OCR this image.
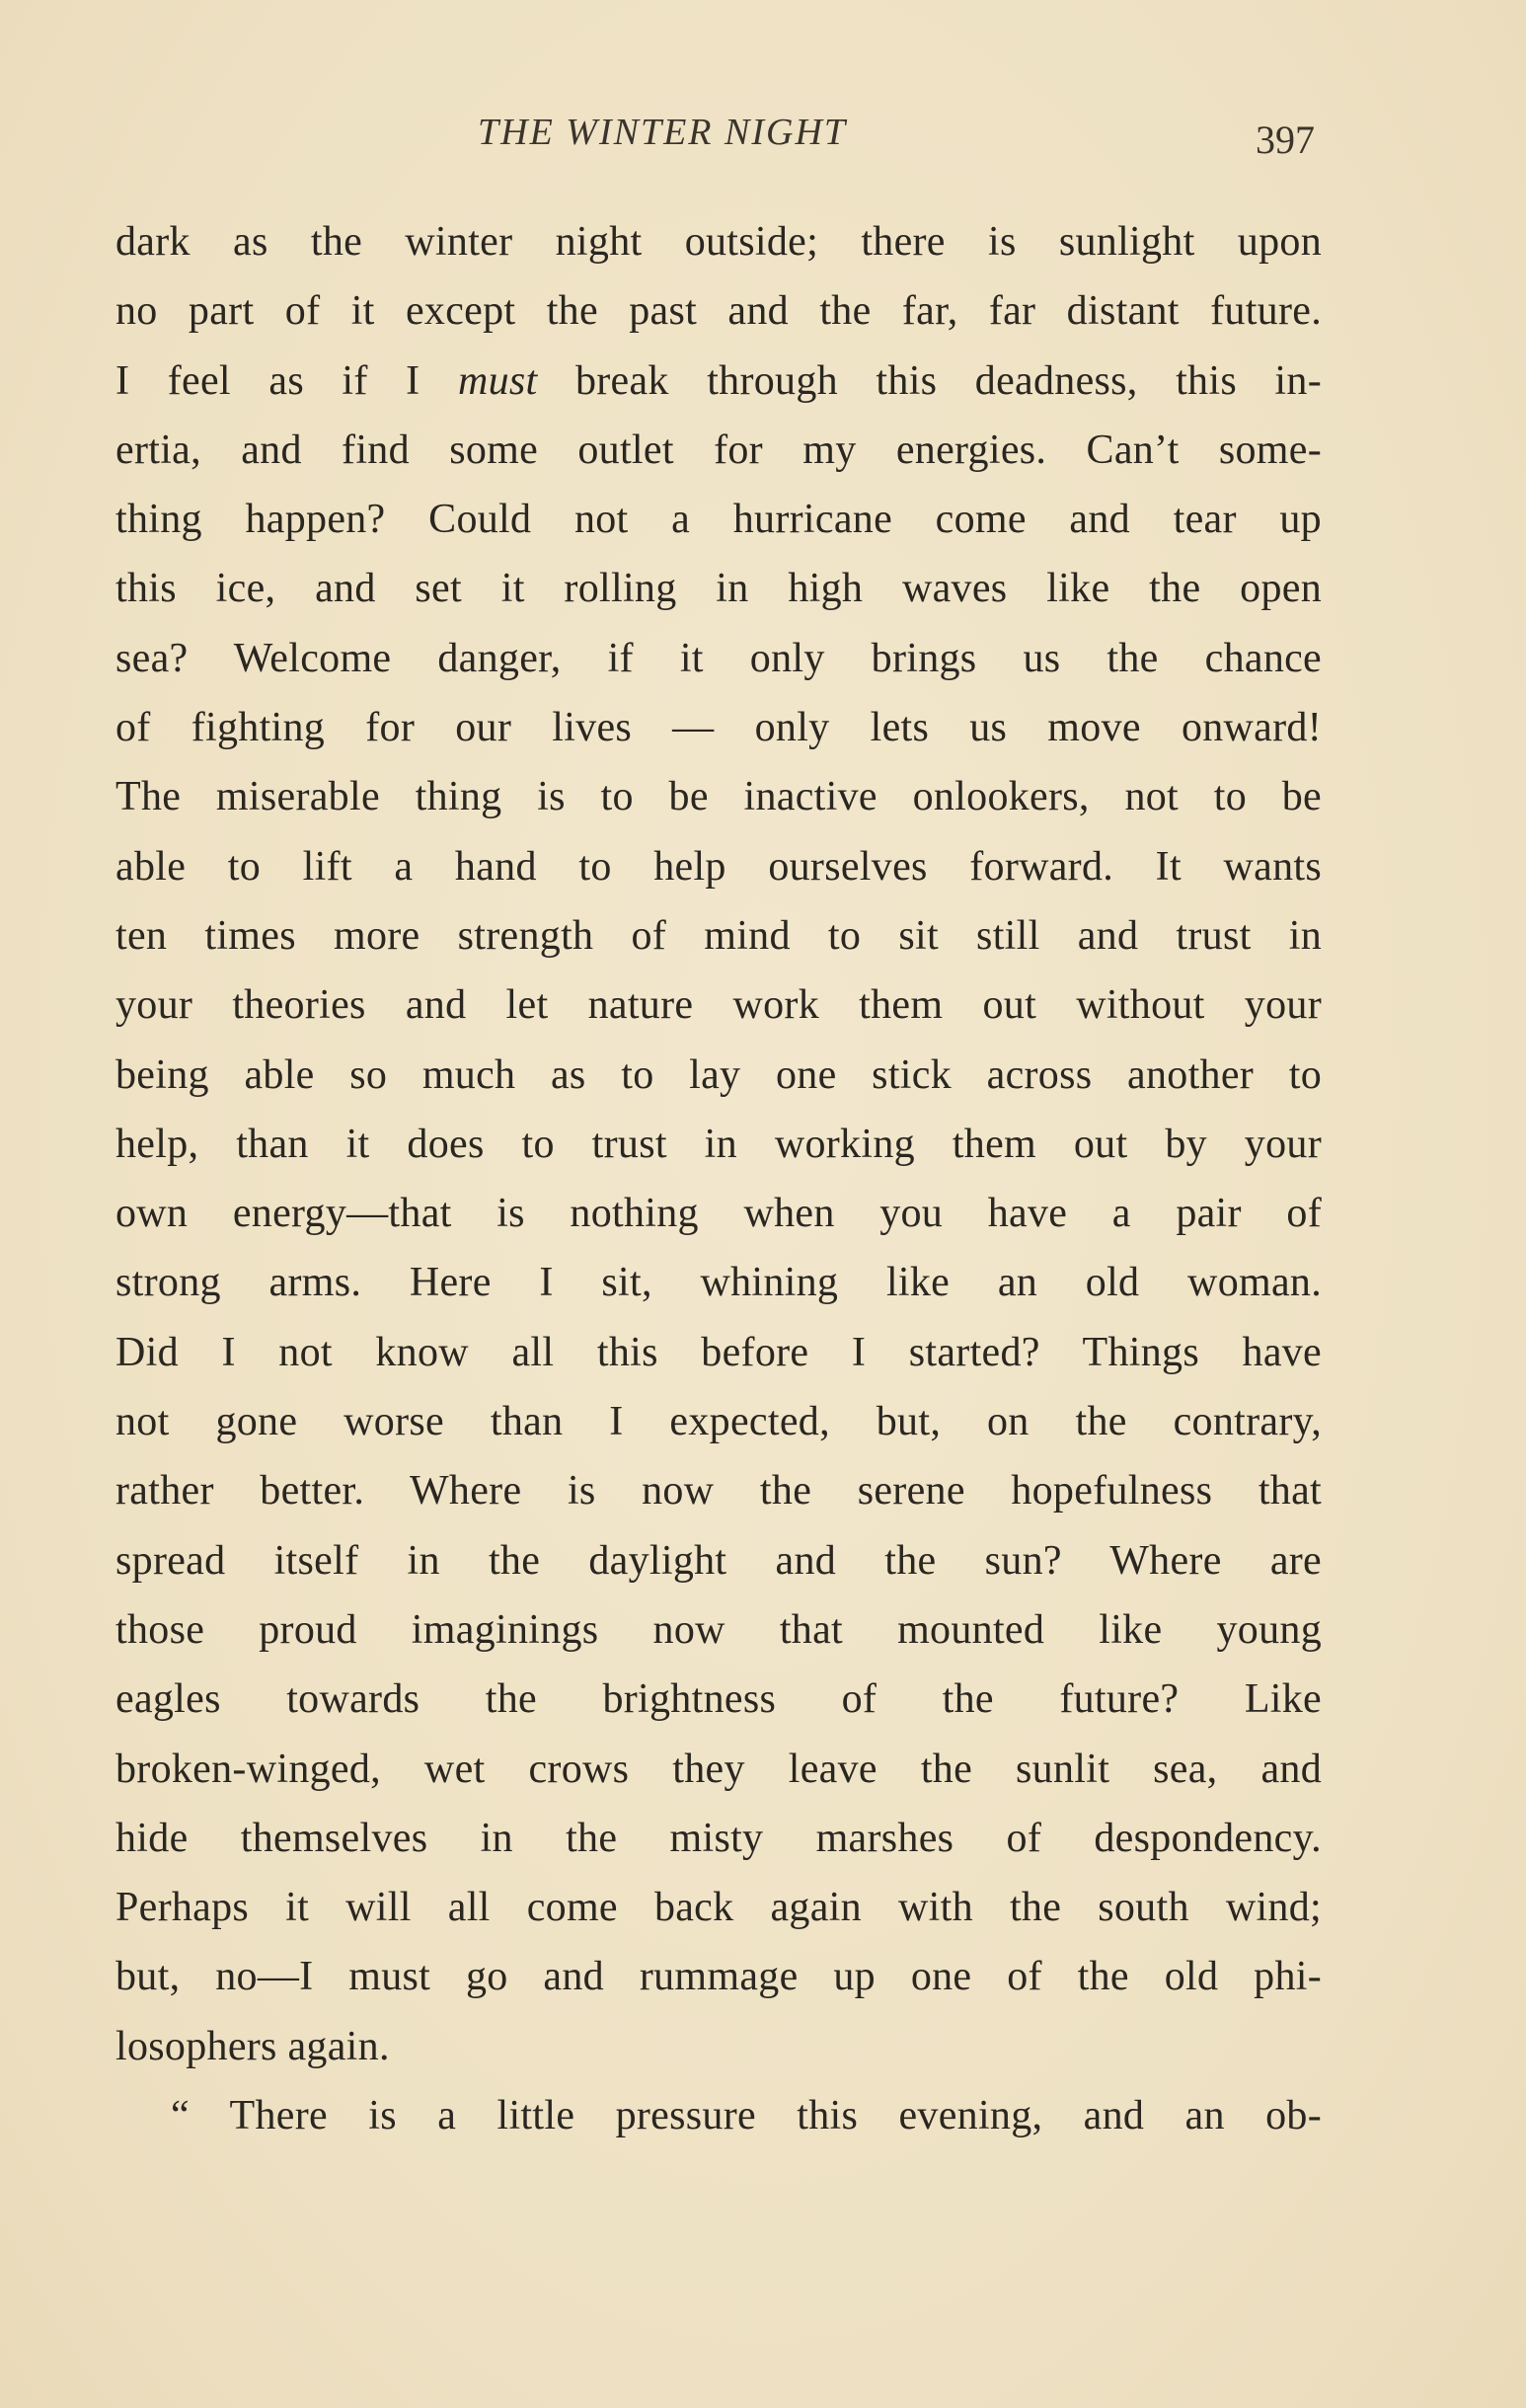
THE WINTER NIGHT	397
dark as the winter night outside; there is sunlight upon
no part of it except the past and the far, far distant future.
I feel as if I must break through this deadness, this in-
ertia, and find some outlet for my energies. Can’t some-
thing happen? Could not a hurricane come and tear up
this ice, and set it rolling in high waves like the open
sea? Welcome danger, if it only brings us the chance
of fighting for our lives — only lets us move onward!
The miserable thing is to be inactive onlookers, not to be
able to lift a hand to help ourselves forward. It wants
ten times more strength of mind to sit still and trust in
your theories and let nature work them out without your
being able so much as to lay one stick across another to
help, than it does to trust in working them out by your
own energy—that is nothing when you have a pair of
strong arms. Here I sit, whining like an old woman.
Did I not know all this before I started? Things have
not gone worse than I expected, but, on the contrary,
rather better. Where is now the serene hopefulness that
spread itself in the daylight and the sun? Where are
those proud imaginings now that mounted like young
eagles towards the brightness of the future? Like
broken-winged, wet crows they leave the sunlit sea, and
hide themselves in the misty marshes of despondency.
Perhaps it will all come back again with the south wind;
but, no—I must go and rummage up one of the old phi-
losophers again.
“ There is a little pressure this evening, and an ob-
